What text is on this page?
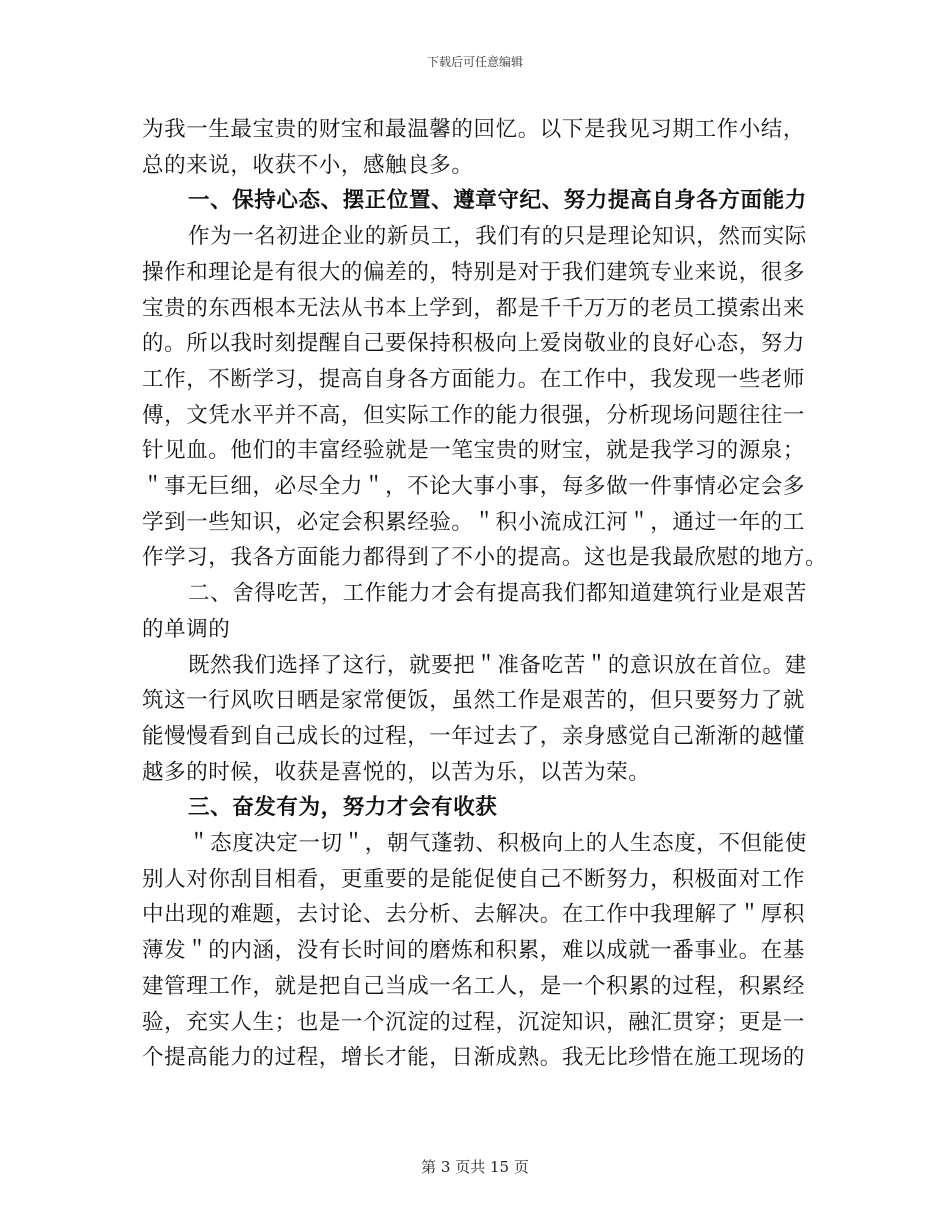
下载后可任意编辑
为我一生最宝贵的财宝和最温馨的回忆。以下是我见习期工作小结，
总的来说，收获不小，感触良多。
一、保持心态、摆正位置、遵章守纪、努力提高自身各方面能力
作为一名初进企业的新员工，我们有的只是理论知识，然而实际
操作和理论是有很大的偏差的，特别是对于我们建筑专业来说，很多
宝贵的东西根本无法从书本上学到，都是千千万万的老员工摸索出来
的。所以我时刻提醒自己要保持积极向上爱岗敬业的良好心态，努力
工作，不断学习，提高自身各方面能力。在工作中，我发现一些老师
傅，文凭水平并不高，但实际工作的能力很强，分析现场问题往往一
针见血。他们的丰富经验就是一笔宝贵的财宝，就是我学习的源泉；
＂事无巨细，必尽全力＂，不论大事小事，每多做一件事情必定会多
学到一些知识，必定会积累经验。＂积小流成江河＂，通过一年的工
作学习，我各方面能力都得到了不小的提高。这也是我最欣慰的地方。
二、舍得吃苦，工作能力才会有提高我们都知道建筑行业是艰苦
的单调的
既然我们选择了这行，就要把＂准备吃苦＂的意识放在首位。建
筑这一行风吹日晒是家常便饭，虽然工作是艰苦的，但只要努力了就
能慢慢看到自己成长的过程，一年过去了，亲身感觉自己渐渐的越懂
越多的时候，收获是喜悦的，以苦为乐，以苦为荣。
三、奋发有为，努力才会有收获
＂态度决定一切＂，朝气蓬勃、积极向上的人生态度，不但能使
别人对你刮目相看，更重要的是能促使自己不断努力，积极面对工作
中出现的难题，去讨论、去分析、去解决。在工作中我理解了＂厚积
薄发＂的内涵，没有长时间的磨炼和积累，难以成就一番事业。在基
建管理工作，就是把自己当成一名工人，是一个积累的过程，积累经
验，充实人生；也是一个沉淀的过程，沉淀知识，融汇贯穿；更是一
个提高能力的过程，增长才能，日渐成熟。我无比珍惜在施工现场的
第 3 页共 15 页
